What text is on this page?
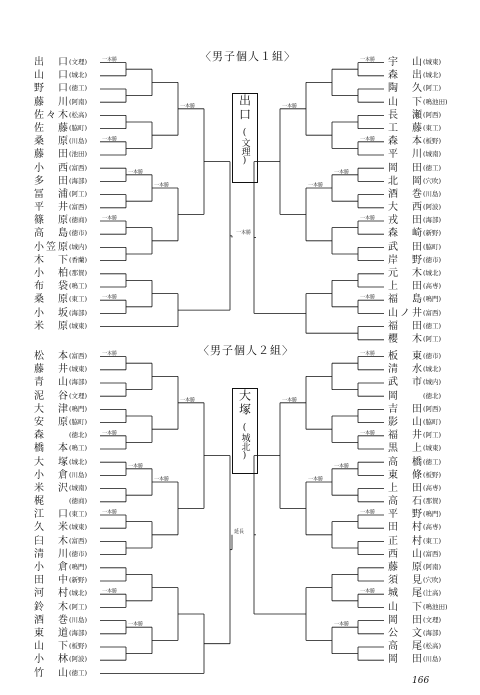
〈男子個人１組〉
出　口 (文理)
山　口 (城北)
野　口 (徳工)
藤　川 (阿南)
佐々木 (松高)
佐　藤 (脇町)
桑　原 (川島)
藤　田 (池田)
小　西 (富西)
多　田 (海部)
冨　浦 (阿工)
平　井 (富西)
篠　原 (徳商)
高　島 (徳市)
小笠原 (城内)
木　下 (香蘭)
小　柏 (那賀)
布　袋 (鳴工)
桑　原 (東工)
小　坂 (海部)
米　原 (城東)
宇　山 (城東)
森　出 (城北)
陶　久 (阿工)
山　下 (鳴池田)
長　瀬 (阿西)
工　藤 (東工)
森　本 (板野)
平　川 (城南)
岡　田 (徳工)
北　岡 (穴吹)
酒　巻 (川島)
大　西 (阿波)
戎　田 (海部)
森　崎 (新野)
武　田 (脇町)
岸　野 (徳市)
元　木 (城北)
上　田 (高専)
福　島 (鳴門)
山ノ井 (富西)
福　田 (徳工)
櫻　木 (阿工)
出口
(文理)
〈男子個人２組〉
松　本 (富西)
藤　井 (城東)
青　山 (海部)
泥　谷 (文理)
大　津 (鳴門)
安　原 (脇町)
森	(徳北)
橋　本 (鳴工)
大　塚 (城北)
小　倉 (川島)
米　沢 (城南)
梶	(徳商)
江　口 (東工)
久米 (城東)
臼　木 (富西)
清　川 (徳市)
小　倉 (鳴門)
田　中 (新野)
河　村 (城北)
鈴　木 (阿工)
酒　巻 (川島)
東　道 (海部)
山　下 (板野)
小　林 (阿波)
竹　山 (徳工)
板　東 (徳市)
清　水 (城北)
武　市 (城内)
岡	(徳北)
吉　田 (阿西)
影　山 (脇町)
福　井 (阿工)
黒　上 (城東)
高　橋 (徳工)
東　條 (板野)
上　田 (高専)
高　石 (那賀)
平　野 (鳴門)
田　村 (高専)
正　村 (東工)
西　山 (富西)
藤　原 (阿南)
須　見 (穴吹)
城　尾 (辻高)
山　下 (鳴池田)
岡　田 (文理)
公　文 (海部)
高　尾 (松高)
岡　田 (川島)
大塚
(城北)
一本勝
一本勝
一本勝
一本勝
一本勝
一本勝
一本勝
一本勝
一本勝
一本勝
一本勝
一本勝
一本勝
一本勝
一本勝
一本勝
一本勝
一本勝
一本勝
一本勝
一本勝
一本勝
一本勝
一本勝
一本勝
一本勝
一本勝
一本勝
一本勝
一本勝
一本勝
延長
166
